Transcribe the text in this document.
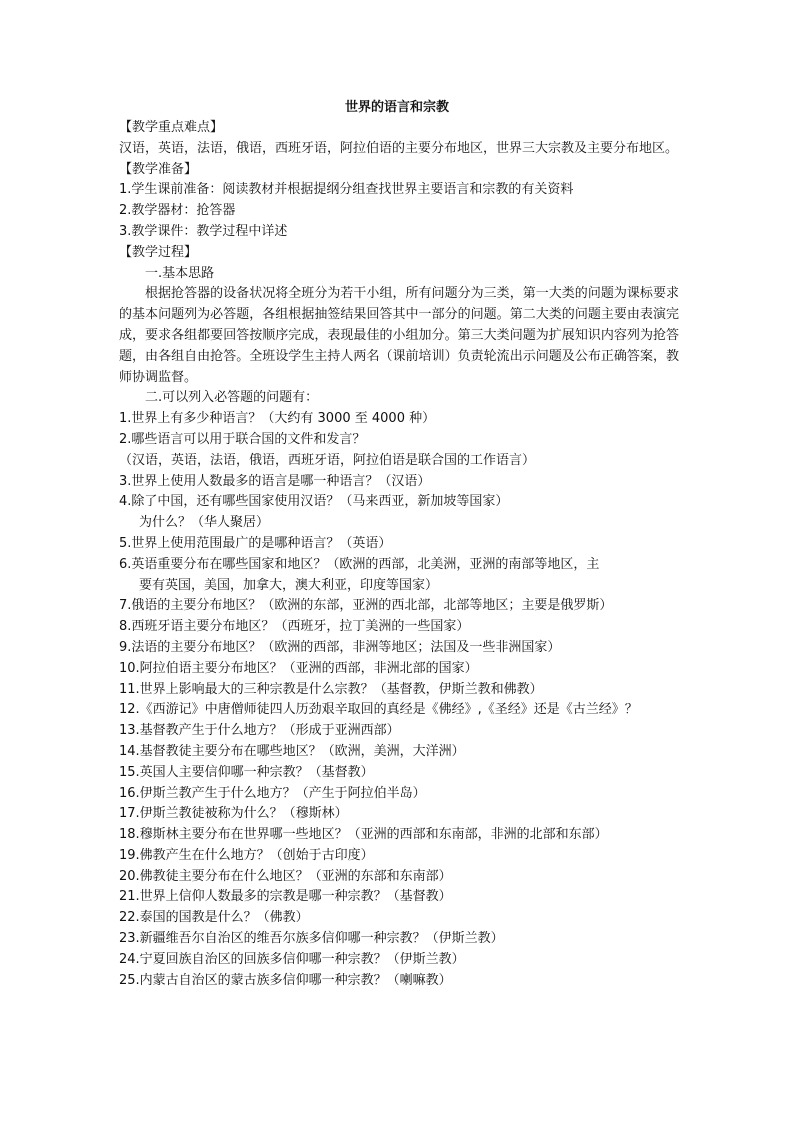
世界的语言和宗教
【教学重点难点】
汉语，英语，法语，俄语，西班牙语，阿拉伯语的主要分布地区，世界三大宗教及主要分布地区。
【教学准备】
1.学生课前准备：阅读教材并根据提纲分组查找世界主要语言和宗教的有关资料
2.教学器材：抢答器
3.教学课件：教学过程中详述
【教学过程】
一.基本思路
根据抢答器的设备状况将全班分为若干小组，所有问题分为三类，第一大类的问题为课标要求的基本问题列为必答题，各组根据抽签结果回答其中一部分的问题。第二大类的问题主要由表演完成，要求各组都要回答按顺序完成，表现最佳的小组加分。第三大类问题为扩展知识内容列为抢答题，由各组自由抢答。全班设学生主持人两名（课前培训）负责轮流出示问题及公布正确答案，教师协调监督。
二.可以列入必答题的问题有：
1.世界上有多少种语言？（大约有 3000 至 4000 种）
2.哪些语言可以用于联合国的文件和发言？
（汉语，英语，法语，俄语，西班牙语，阿拉伯语是联合国的工作语言）
3.世界上使用人数最多的语言是哪一种语言？（汉语）
4.除了中国，还有哪些国家使用汉语？（马来西亚，新加坡等国家）
为什么？（华人聚居）
5.世界上使用范围最广的是哪种语言？（英语）
6.英语重要分布在哪些国家和地区？（欧洲的西部，北美洲，亚洲的南部等地区，主
要有英国，美国，加拿大，澳大利亚，印度等国家）
7.俄语的主要分布地区？（欧洲的东部，亚洲的西北部，北部等地区；主要是俄罗斯）
8.西班牙语主要分布地区？（西班牙，拉丁美洲的一些国家）
9.法语的主要分布地区？（欧洲的西部，非洲等地区；法国及一些非洲国家）
10.阿拉伯语主要分布地区？（亚洲的西部，非洲北部的国家）
11.世界上影响最大的三种宗教是什么宗教？（基督教，伊斯兰教和佛教）
12.《西游记》中唐僧师徒四人历劲艰辛取回的真经是《佛经》,《圣经》还是《古兰经》？
13.基督教产生于什么地方？（形成于亚洲西部）
14.基督教徒主要分布在哪些地区？（欧洲，美洲，大洋洲）
15.英国人主要信仰哪一种宗教？（基督教）
16.伊斯兰教产生于什么地方？（产生于阿拉伯半岛）
17.伊斯兰教徒被称为什么？（穆斯林）
18.穆斯林主要分布在世界哪一些地区？（亚洲的西部和东南部，非洲的北部和东部）
19.佛教产生在什么地方？（创始于古印度）
20.佛教徒主要分布在什么地区？（亚洲的东部和东南部）
21.世界上信仰人数最多的宗教是哪一种宗教？（基督教）
22.泰国的国教是什么？（佛教）
23.新疆维吾尔自治区的维吾尔族多信仰哪一种宗教？（伊斯兰教）
24.宁夏回族自治区的回族多信仰哪一种宗教？（伊斯兰教）
25.内蒙古自治区的蒙古族多信仰哪一种宗教？（喇嘛教）
